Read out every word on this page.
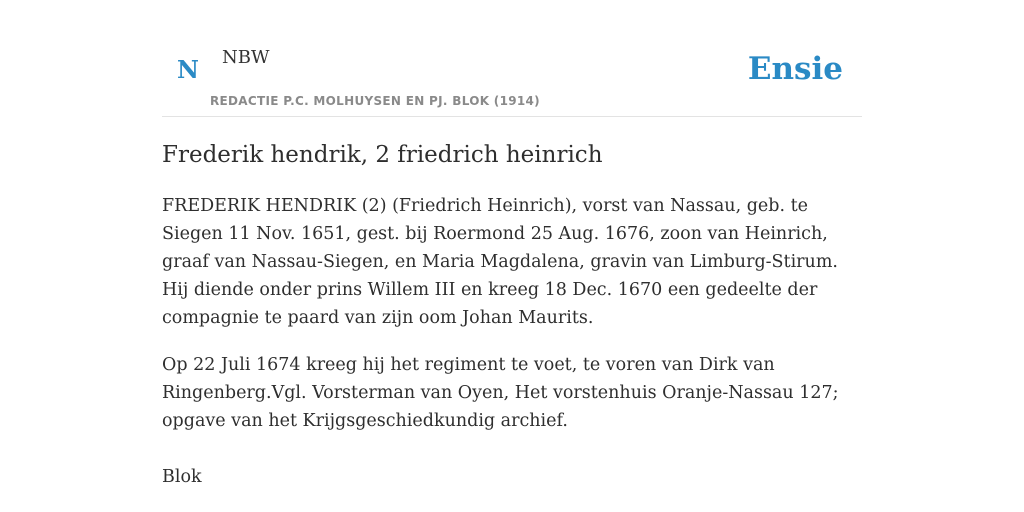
N NBW
REDACTIE P.C. MOLHUYSEN EN PJ. BLOK (1914)
Ensie
Frederik hendrik, 2 friedrich heinrich

FREDERIK HENDRIK (2) (Friedrich Heinrich), vorst van Nassau, geb. te Siegen 11 Nov. 1651, gest. bij Roermond 25 Aug. 1676, zoon van Heinrich, graaf van Nassau-Siegen, en Maria Magdalena, gravin van Limburg-Stirum. Hij diende onder prins Willem III en kreeg 18 Dec. 1670 een gedeelte der compagnie te paard van zijn oom Johan Maurits.

Op 22 Juli 1674 kreeg hij het regiment te voet, te voren van Dirk van Ringenberg.Vgl. Vorsterman van Oyen, Het vorstenhuis Oranje-Nassau 127; opgave van het Krijgsgeschiedkundig archief.

Blok
